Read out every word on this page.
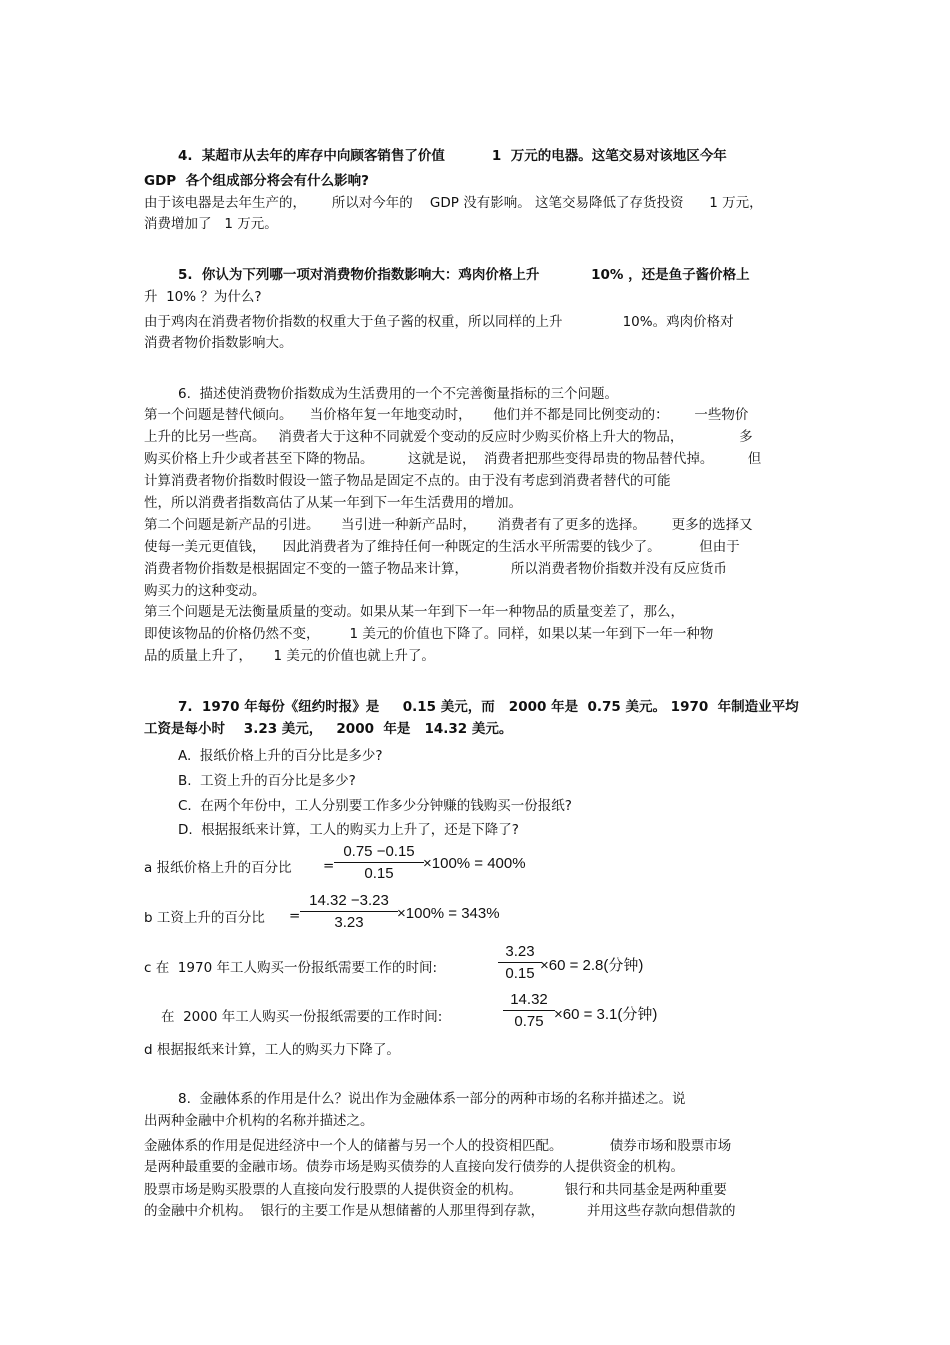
4.  某超市从去年的库存中向顾客销售了价值          1  万元的电器。这笔交易对该地区今年
GDP  各个组成部分将会有什么影响?
由于该电器是去年生产的，      所以对今年的    GDP 没有影响。 这笔交易降低了存货投资      1 万元，
消费增加了   1 万元。
5.  你认为下列哪一项对消费物价指数影响大：鸡肉价格上升           10% ，还是鱼子酱价格上
升  10% ？为什么?
由于鸡肉在消费者物价指数的权重大于鱼子酱的权重，所以同样的上升              10%。鸡肉价格对
消费者物价指数影响大。
6.  描述使消费物价指数成为生活费用的一个不完善衡量指标的三个问题。
第一个问题是替代倾向。    当价格年复一年地变动时，     他们并不都是同比例变动的：      一些物价
上升的比另一些高。   消费者大于这种不同就爱个变动的反应时少购买价格上升大的物品，             多
购买价格上升少或者甚至下降的物品。        这就是说，  消费者把那些变得昂贵的物品替代掉。        但
计算消费者物价指数时假设一篮子物品是固定不点的。由于没有考虑到消费者替代的可能
性，所以消费者指数高估了从某一年到下一年生活费用的增加。
第二个问题是新产品的引进。     当引进一种新产品时，     消费者有了更多的选择。      更多的选择又
使每一美元更值钱，    因此消费者为了维持任何一种既定的生活水平所需要的钱少了。         但由于
消费者物价指数是根据固定不变的一篮子物品来计算，          所以消费者物价指数并没有反应货币
购买力的这种变动。
第三个问题是无法衡量质量的变动。如果从某一年到下一年一种物品的质量变差了，那么，
即使该物品的价格仍然不变，       1 美元的价值也下降了。同样，如果以某一年到下一年一种物
品的质量上升了，     1 美元的价值也就上升了。
7.  1970 年每份《纽约时报》是     0.15 美元，而   2000 年是  0.75 美元。 1970  年制造业平均
工资是每小时    3.23 美元，   2000  年是   14.32 美元。
A.  报纸价格上升的百分比是多少?
B.  工资上升的百分比是多少?
C.  在两个年份中，工人分别要工作多少分钟赚的钱购买一份报纸?
D.  根据报纸来计算，工人的购买力上升了，还是下降了?
a 报纸价格上升的百分比 =
0.75 −0.15
0.15
×100% = 400%
b 工资上升的百分比 =
14.32 −3.23
3.23
×100% = 343%
c 在  1970 年工人购买一份报纸需要工作的时间:
3.23
0.15 ×60 = 2.8(分钟)
在  2000 年工人购买一份报纸需要的工作时间:
14.32
0.75 ×60 = 3.1(分钟)
d 根据报纸来计算，工人的购买力下降了。
8.  金融体系的作用是什么？说出作为金融体系一部分的两种市场的名称并描述之。说
出两种金融中介机构的名称并描述之。
金融体系的作用是促进经济中一个人的储蓄与另一个人的投资相匹配。           债券市场和股票市场
是两种最重要的金融市场。债券市场是购买债券的人直接向发行债券的人提供资金的机构。
股票市场是购买股票的人直接向发行股票的人提供资金的机构。          银行和共同基金是两种重要
的金融中介机构。  银行的主要工作是从想储蓄的人那里得到存款，          并用这些存款向想借款的
